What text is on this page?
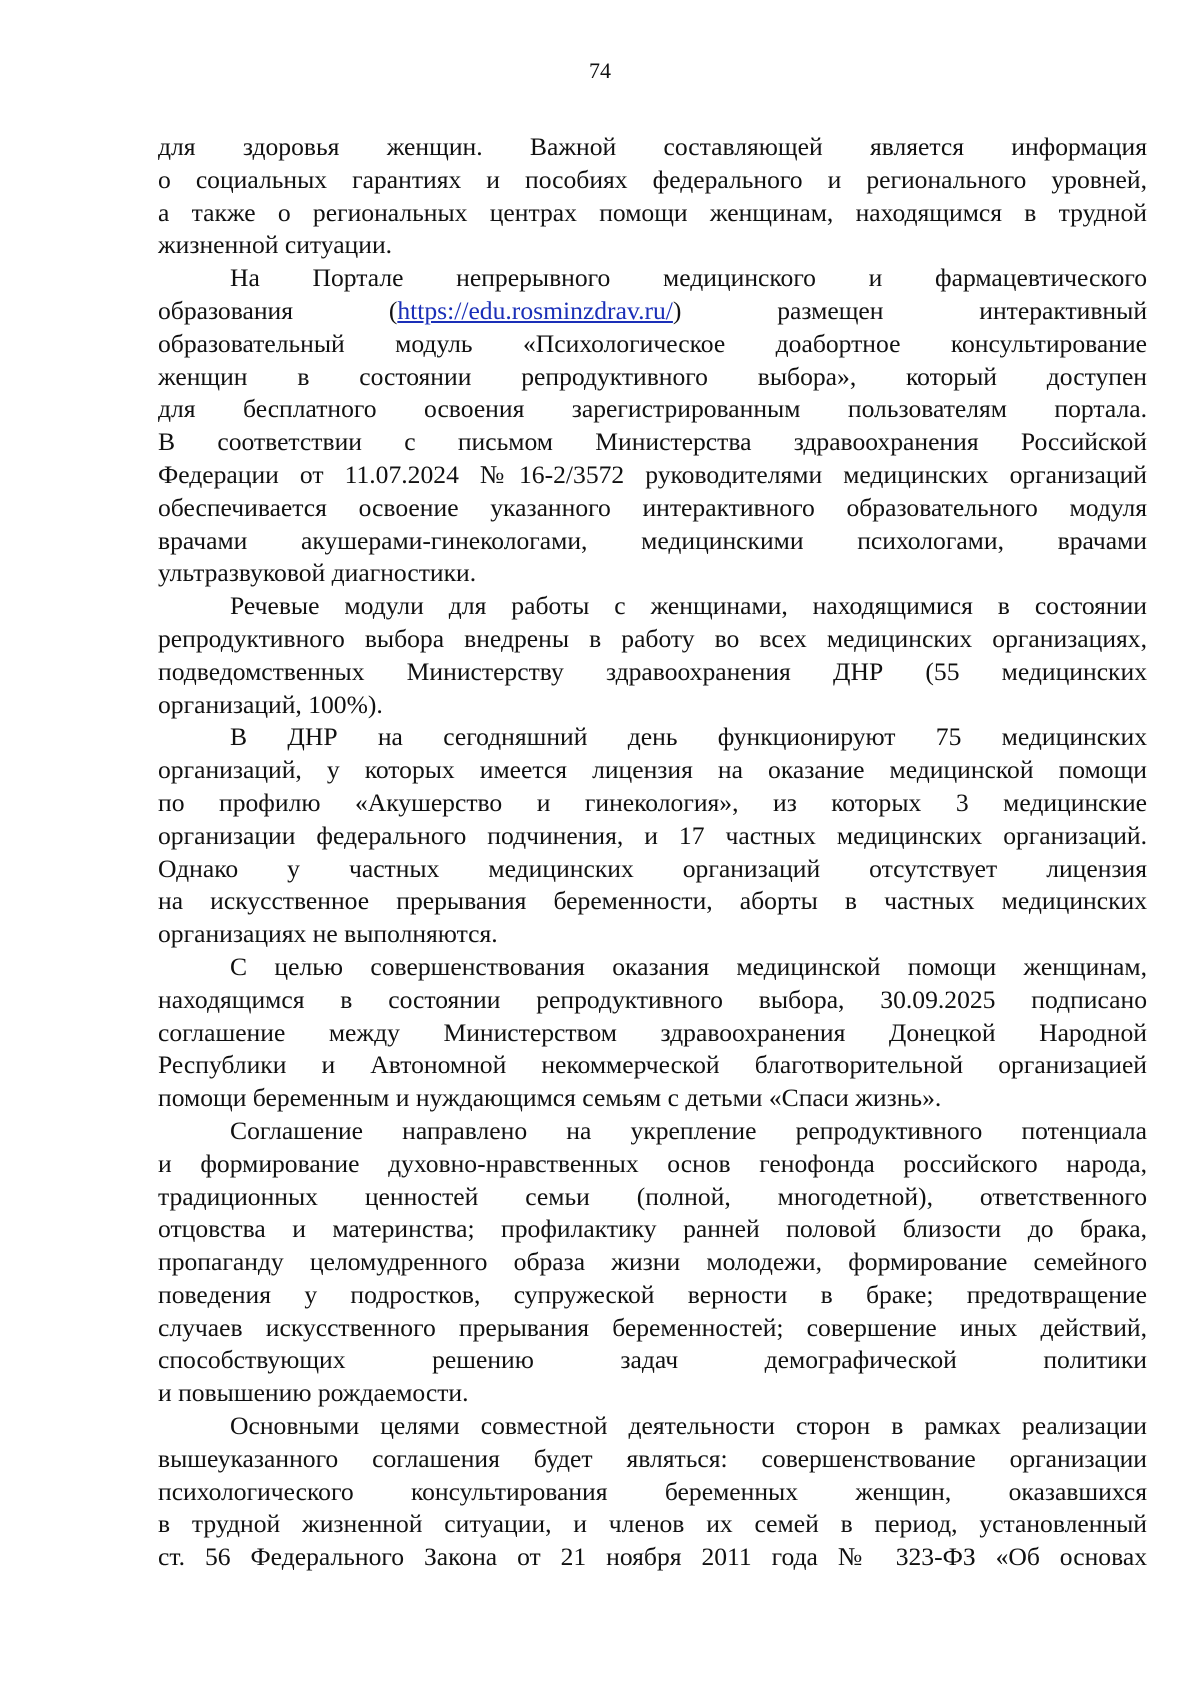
74
для здоровья женщин. Важной составляющей является информация
о социальных гарантиях и пособиях федерального и регионального уровней,
а также о региональных центрах помощи женщинам, находящимся в трудной
жизненной ситуации.
На Портале непрерывного медицинского и фармацевтического
образования	(https://edu.rosminzdrav.ru/)	размещен	интерактивный
образовательный модуль «Психологическое доабортное консультирование
женщин в состоянии репродуктивного выбора», который доступен
для бесплатного освоения зарегистрированным пользователям портала.
В соответствии с письмом Министерства здравоохранения Российской
Федерации от 11.07.2024 №16-2/3572 руководителями медицинских организаций
обеспечивается освоение указанного интерактивного образовательного модуля
врачами акушерами-гинекологами, медицинскими психологами, врачами
ультразвуковой диагностики.
Речевые модули для работы с женщинами, находящимися в состоянии
репродуктивного выбора внедрены в работу во всех медицинских организациях,
подведомственных Министерству здравоохранения ДНР (55 медицинских
организаций, 100%).
В ДНР на сегодняшний день функционируют 75 медицинских
организаций, у которых имеется лицензия на оказание медицинской помощи
по профилю «Акушерство и гинекология», из которых 3 медицинские
организации федерального подчинения, и 17 частных медицинских организаций.
Однако у частных медицинских организаций отсутствует лицензия
на искусственное прерывания беременности, аборты в частных медицинских
организациях не выполняются.
С целью совершенствования оказания медицинской помощи женщинам,
находящимся в состоянии репродуктивного выбора, 30.09.2025 подписано
соглашение между Министерством здравоохранения Донецкой Народной
Республики и Автономной некоммерческой благотворительной организацией
помощи беременным и нуждающимся семьям с детьми «Спаси жизнь».
Соглашение направлено на укрепление репродуктивного потенциала
и формирование духовно-нравственных основ генофонда российского народа,
традиционных ценностей семьи (полной, многодетной), ответственного
отцовства и материнства; профилактику ранней половой близости до брака,
пропаганду целомудренного образа жизни молодежи, формирование семейного
поведения у подростков, супружеской верности в браке; предотвращение
случаев искусственного прерывания беременностей; совершение иных действий,
способствующих решению задач демографической политики
и повышению рождаемости.
Основными целями совместной деятельности сторон в рамках реализации
вышеуказанного соглашения будет являться: совершенствование организации
психологического консультирования беременных женщин, оказавшихся
в трудной жизненной ситуации, и членов их семей в период, установленный
ст. 56 Федерального Закона от 21 ноября 2011 года № 323-ФЗ «Об основах
